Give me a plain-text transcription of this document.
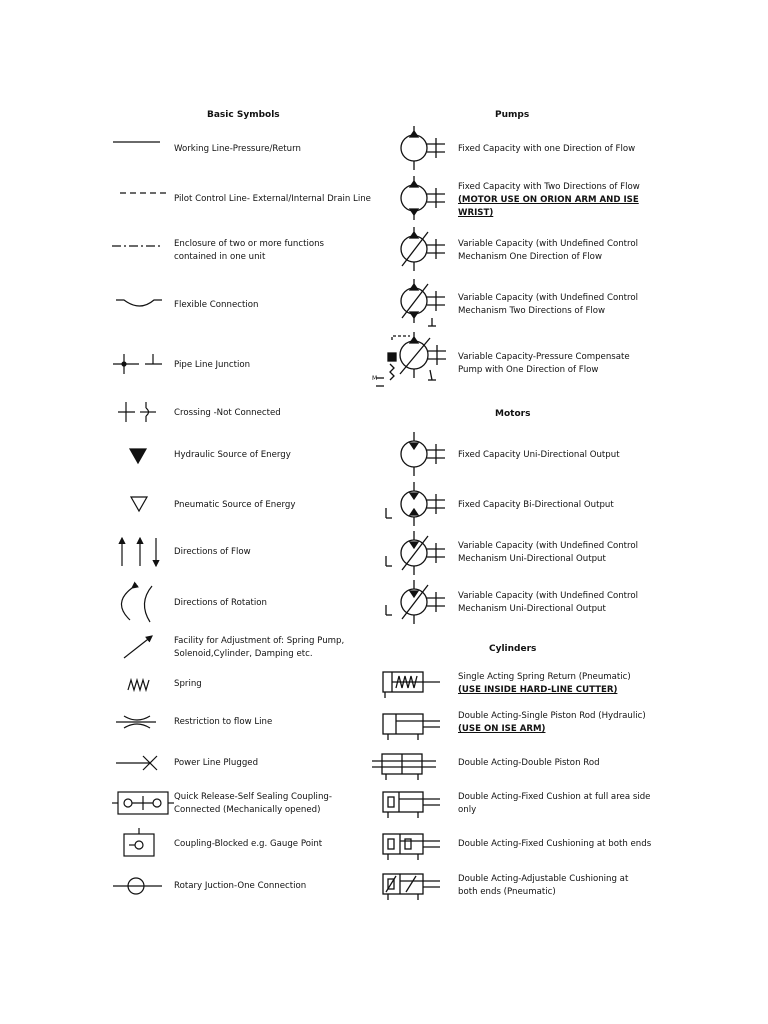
Basic Symbols	Pumps
Motors
Cylinders
Working Line-Pressure/Return
Pilot Control Line- External/Internal Drain Line
Enclosure of two or more functions contained in one unit
Flexible Connection
Pipe Line Junction
Crossing -Not Connected
Hydraulic Source of Energy
Pneumatic Source of Energy
Directions of Flow
Directions of Rotation
Facility for Adjustment of: Spring Pump, Solenoid,Cylinder, Damping etc.
Spring
Restriction to flow Line
Power Line Plugged
Quick Release-Self Sealing Coupling-Connected (Mechanically opened)
Coupling-Blocked e.g. Gauge Point
Rotary Juction-One Connection
Fixed Capacity with one Direction of Flow
Fixed Capacity with Two Directions of Flow
(MOTOR USE ON ORION ARM AND ISE WRIST)
Variable Capacity (with Undefined Control Mechanism One Direction of Flow
Variable Capacity (with Undefined Control Mechanism Two Directions of Flow
Variable Capacity-Pressure Compensate Pump with One Direction of Flow
Fixed Capacity Uni-Directional Output
Fixed Capacity Bi-Directional Output
Variable Capacity (with Undefined Control Mechanism Uni-Directional Output
Variable Capacity (with Undefined Control Mechanism Uni-Directional Output
Single Acting Spring Return (Pneumatic)
(USE INSIDE HARD-LINE CUTTER)
Double Acting-Single Piston Rod (Hydraulic)
(USE ON ISE ARM)
Double Acting-Double Piston Rod
Double Acting-Fixed Cushion at full area side only
Double Acting-Fixed Cushioning at both ends
Double Acting-Adjustable Cushioning at both ends (Pneumatic)
M
